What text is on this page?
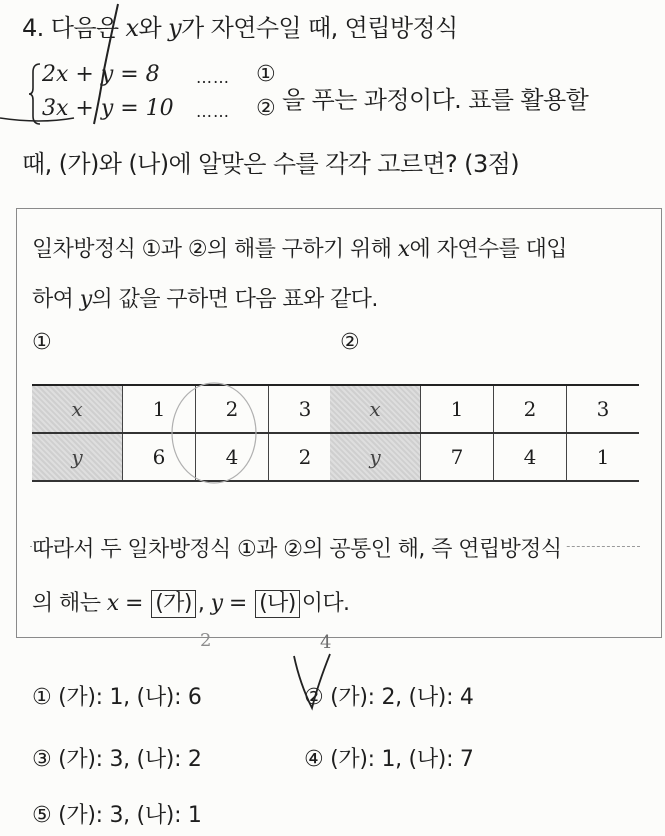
4. 다음은 x와 y가 자연수일 때, 연립방정식
2x + y = 8 …… ①
3x + y = 10 …… ② 을 푸는 과정이다. 표를 활용할
때, (가)와 (나)에 알맞은 수를 각각 고르면? (3점)
일차방정식 ①과 ②의 해를 구하기 위해 x에 자연수를 대입
하여 y의 값을 구하면 다음 표와 같다.
①	②
x	1	2	3
y	6	4	2
x	1	2	3
y	7	4	1
따라서 두 일차방정식 ①과 ②의 공통인 해, 즉 연립방정식
의 해는 x = (가) , y = (나) 이다.
2	4
① (가): 1, (나): 6	② (가): 2, (나): 4
③ (가): 3, (나): 2	④ (가): 1, (나): 7
⑤ (가): 3, (나): 1
